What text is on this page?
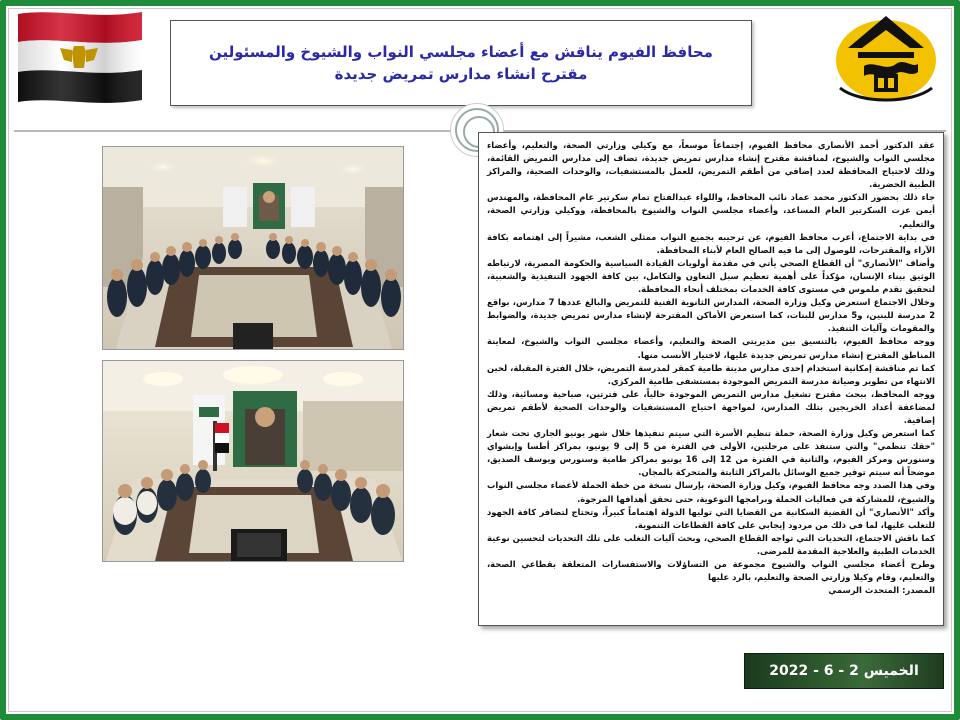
محافظ الفيوم يناقش مع أعضاء مجلسي النواب والشيوخ والمسئولين مقترح انشاء مدارس تمريض جديدة

عقد الدكتور أحمد الأنصاري محافظ الفيوم، إجتماعاً موسعاً، مع وكيلي وزارتي الصحة، والتعليم، وأعضاء مجلسي النواب والشيوخ، لمناقشة مقترح إنشاء مدارس تمريض جديدة، تضاف إلى مدارس التمريض القائمة، وذلك لاحتياج المحافظة لعدد إضافي من أطقم التمريض، للعمل بالمستشفيات، والوحدات الصحية، والمراكز الطبية الحضرية.

جاء ذلك بحضور الدكتور محمد عماد نائب المحافظ، واللواء عبدالفتاح تمام سكرتير عام المحافظة، والمهندس أيمن عزت السكرتير العام المساعد، وأعضاء مجلسي النواب والشيوخ بالمحافظة، ووكيلي وزارتي الصحة، والتعليم.

في بداية الاجتماع، أعرب محافظ الفيوم، عن ترحيبه بجميع النواب ممثلي الشعب، مشيراً إلى اهتمامه بكافة الآراء والمقترحات، للوصول إلى ما فيه الصالح العام لأبناء المحافظة.

وأضاف "الأنصاري" أن القطاع الصحي يأتي في مقدمة أولويات القيادة السياسية والحكومة المصرية، لارتباطه الوثيق ببناء الإنسان، مؤكداً على أهمية تعظيم سبل التعاون والتكامل، بين كافة الجهود التنفيذية والشعبية، لتحقيق تقدم ملموس في مستوى كافة الخدمات بمختلف أنحاء المحافظة.

وخلال الاجتماع استعرض وكيل وزارة الصحة، المدارس الثانوية الفنية للتمريض والبالغ عددها 7 مدارس، بواقع 2 مدرسة للبنين، و5 مدارس للبنات، كما استعرض الأماكن المقترحة لإنشاء مدارس تمريض جديدة، والضوابط والمقومات وآليات التنفيذ.

ووجه محافظ الفيوم، بالتنسيق بين مديريتي الصحة والتعليم، وأعضاء مجلسي النواب والشيوخ، لمعاينة المناطق المقترح إنشاء مدارس تمريض جديدة عليها، لاختيار الأنسب منها.

كما تم مناقشة إمكانية استخدام إحدى مدارس مدينة طامية كمقر لمدرسة التمريض، خلال الفترة المقبلة، لحين الانتهاء من تطوير وصيانة مدرسة التمريض الموجودة بمستشفى طامية المركزي.

ووجه المحافظ، ببحث مقترح تشغيل مدارس التمريض الموجودة حالياً، على فترتين، صباحية ومسائية، وذلك لمضاعفة أعداد الخريجين بتلك المدارس، لمواجهة احتياج المستشفيات والوحدات الصحية لأطقم تمريض إضافية.

كما استعرض وكيل وزارة الصحة، حملة تنظيم الأسرة التي سيتم تنفيذها خلال شهر يونيو الجاري تحت شعار "حقك تنظمي" والتي ستنفذ على مرحلتين، الأولى في الفترة من 5 إلى 9 يونيو، بمراكز أطسا وإبشواي وسنورس ومركز الفيوم، والثانية في الفترة من 12 إلى 16 يونيو بمراكز طامية وسنورس ويوسف الصديق، موضحاً أنه سيتم توفير جميع الوسائل بالمراكز الثابتة والمتحركة بالمجان.

وفي هذا الصدد وجه محافظ الفيوم، وكيل وزارة الصحة، بإرسال نسخة من خطة الحملة لأعضاء مجلسي النواب والشيوخ، للمشاركة في فعاليات الحملة وبرامجها التوعوية، حتى تحقق أهدافها المرجوة.

وأكد "الأنصاري" أن القضية السكانية من القضايا التي توليها الدولة اهتماماً كبيراً، وتحتاج لتضافر كافة الجهود للتغلب عليها، لما في ذلك من مردود إيجابي على كافة القطاعات التنموية.

كما ناقش الاجتماع، التحديات التي تواجه القطاع الصحي، وبحث آليات التغلب على تلك التحديات لتحسين نوعية الخدمات الطبية والعلاجية المقدمة للمرضى.

وطرح أعضاء مجلسي النواب والشيوخ مجموعة من التساؤلات والاستفسارات المتعلقة بقطاعي الصحة، والتعليم، وقام وكيلا وزارتي الصحة والتعليم، بالرد عليها

المصدر: المتحدث الرسمي

الخميس 2 - 6 - 2022
